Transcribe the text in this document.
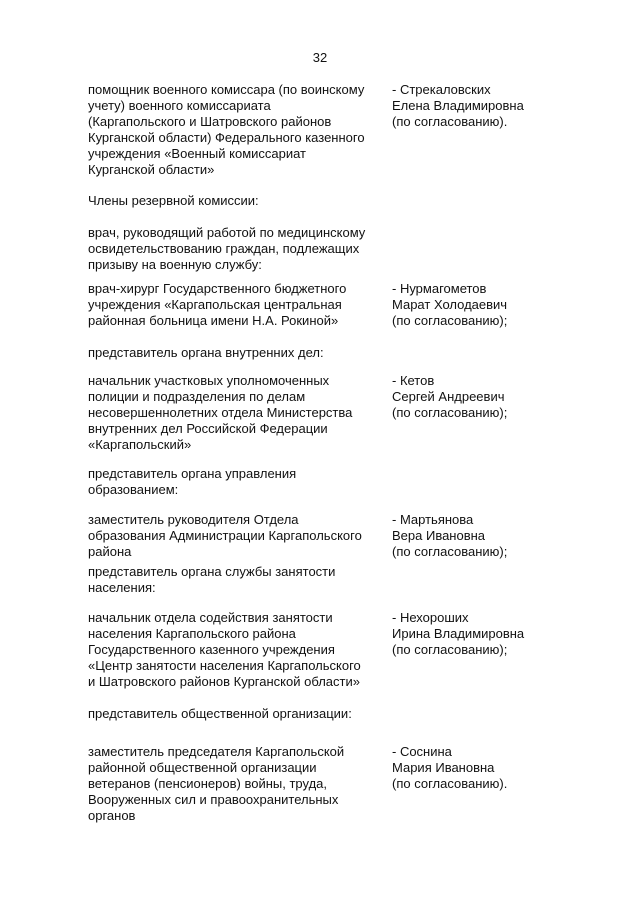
32
помощник военного комиссара (по воинскому
учету) военного комиссариата
(Каргапольского и Шатровского районов
Курганской области) Федерального казенного
учреждения «Военный комиссариат
Курганской области»
- Стрекаловских
Елена Владимировна
(по согласованию).
Члены резервной комиссии:
врач, руководящий работой по медицинскому
освидетельствованию граждан, подлежащих
призыву на военную службу:
врач-хирург Государственного бюджетного
учреждения «Каргапольская центральная
районная больница имени Н.А. Рокиной»
- Нурмагометов
Марат Холодаевич
(по согласованию);
представитель органа внутренних дел:
начальник участковых уполномоченных
полиции и подразделения по делам
несовершеннолетних отдела Министерства
внутренних дел Российской Федерации
«Каргапольский»
- Кетов
Сергей Андреевич
(по согласованию);
представитель органа управления
образованием:
заместитель руководителя Отдела
образования Администрации Каргапольского
района
- Мартьянова
Вера Ивановна
(по согласованию);
представитель органа службы занятости
населения:
начальник отдела содействия занятости
населения Каргапольского района
Государственного казенного учреждения
«Центр занятости населения Каргапольского
и Шатровского районов Курганской области»
- Нехороших
Ирина Владимировна
(по согласованию);
представитель общественной организации:
заместитель председателя Каргапольской
районной общественной организации
ветеранов (пенсионеров) войны, труда,
Вооруженных сил и правоохранительных
органов
- Соснина
Мария Ивановна
(по согласованию).
